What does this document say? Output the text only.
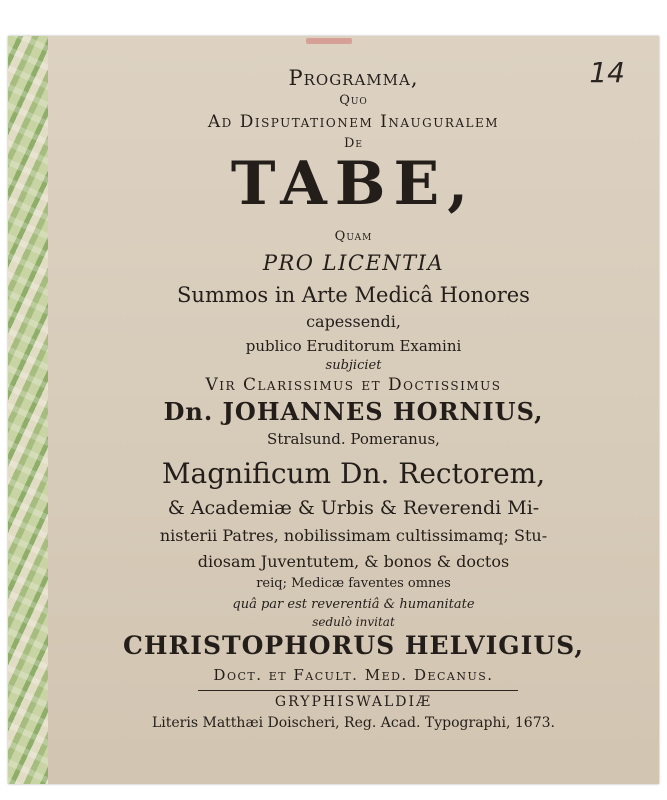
14
Programma,
Quo
Ad Disputationem Inauguralem
De
TABE,
Quam
PRO LICENTIA
Summos in Arte Medicâ Honores
capessendi,
publico Eruditorum Examini
subjiciet
Vir Clarissimus et Doctissimus
Dn. JOHANNES HORNIUS,
Stralsund. Pomeranus,
Magnificum Dn. Rectorem,
& Academiæ & Urbis & Reverendi Mi-
nisterii Patres, nobilissimam cultissimamq; Stu-
diosam Juventutem, & bonos & doctos
reiq; Medicæ faventes omnes
quâ par est reverentiâ & humanitate
sedulò invitat
CHRISTOPHORUS HELVIGIUS,
Doct. et Facult. Med. Decanus.
GRYPHISWALDIÆ
Literis Matthæi Doischeri, Reg. Acad. Typographi, 1673.
